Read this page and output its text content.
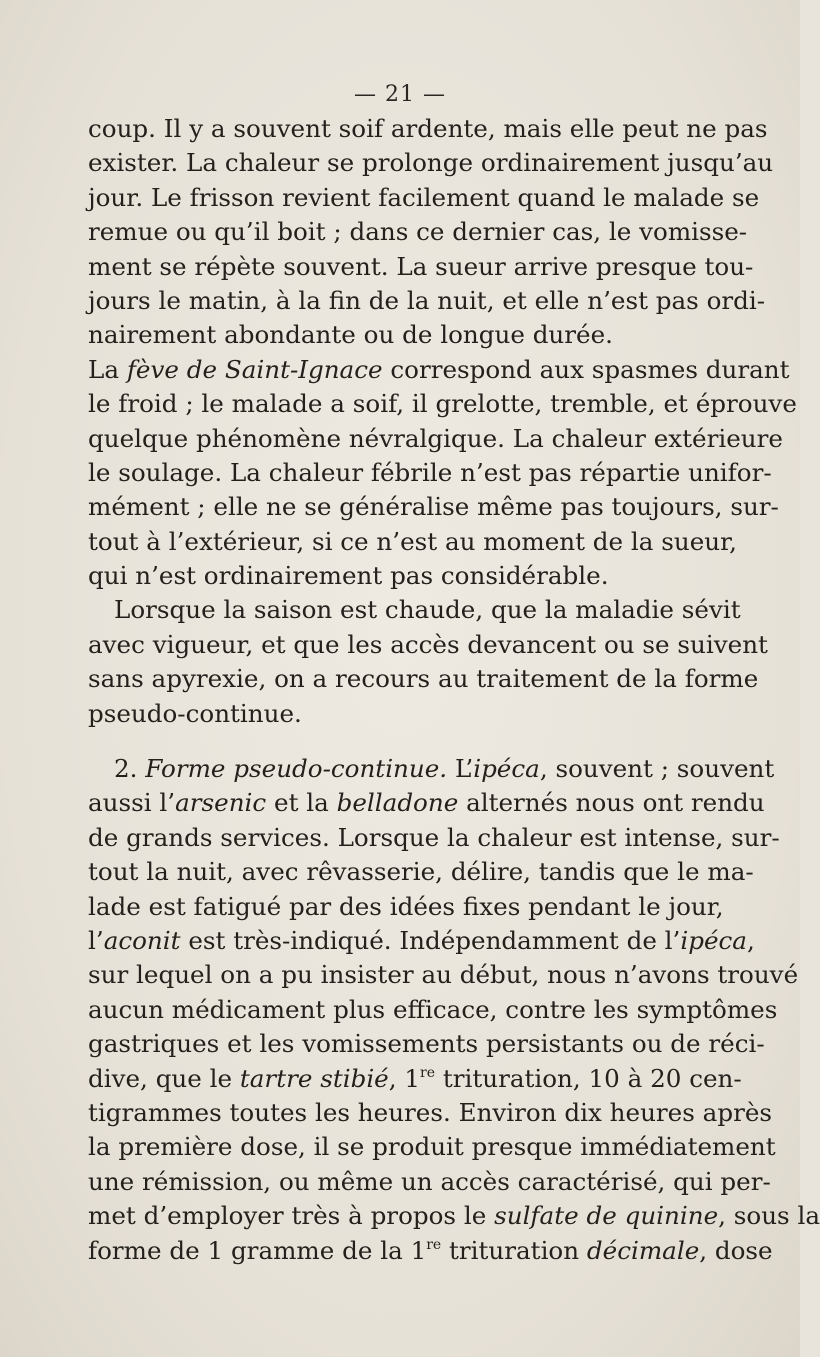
— 21 —
coup. Il y a souvent soif ardente, mais elle peut ne pas
exister. La chaleur se prolonge ordinairement jusqu’au
jour. Le frisson revient facilement quand le malade se
remue ou qu’il boit ; dans ce dernier cas, le vomisse-
ment se répète souvent. La sueur arrive presque tou-
jours le matin, à la fin de la nuit, et elle n’est pas ordi-
nairement abondante ou de longue durée.
La fève de Saint-Ignace correspond aux spasmes durant
le froid ; le malade a soif, il grelotte, tremble, et éprouve
quelque phénomène névralgique. La chaleur extérieure
le soulage. La chaleur fébrile n’est pas répartie unifor-
mément ; elle ne se généralise même pas toujours, sur-
tout à l’extérieur, si ce n’est au moment de la sueur,
qui n’est ordinairement pas considérable.
Lorsque la saison est chaude, que la maladie sévit
avec vigueur, et que les accès devancent ou se suivent
sans apyrexie, on a recours au traitement de la forme
pseudo-continue.
2. Forme pseudo-continue. L’ipéca, souvent ; souvent
aussi l’arsenic et la belladone alternés nous ont rendu
de grands services. Lorsque la chaleur est intense, sur-
tout la nuit, avec rêvasserie, délire, tandis que le ma-
lade est fatigué par des idées fixes pendant le jour,
l’aconit est très-indiqué. Indépendamment de l’ipéca,
sur lequel on a pu insister au début, nous n’avons trouvé
aucun médicament plus efficace, contre les symptômes
gastriques et les vomissements persistants ou de réci-
dive, que le tartre stibié, 1re trituration, 10 à 20 cen-
tigrammes toutes les heures. Environ dix heures après
la première dose, il se produit presque immédiatement
une rémission, ou même un accès caractérisé, qui per-
met d’employer très à propos le sulfate de quinine, sous la
forme de 1 gramme de la 1re trituration décimale, dose
